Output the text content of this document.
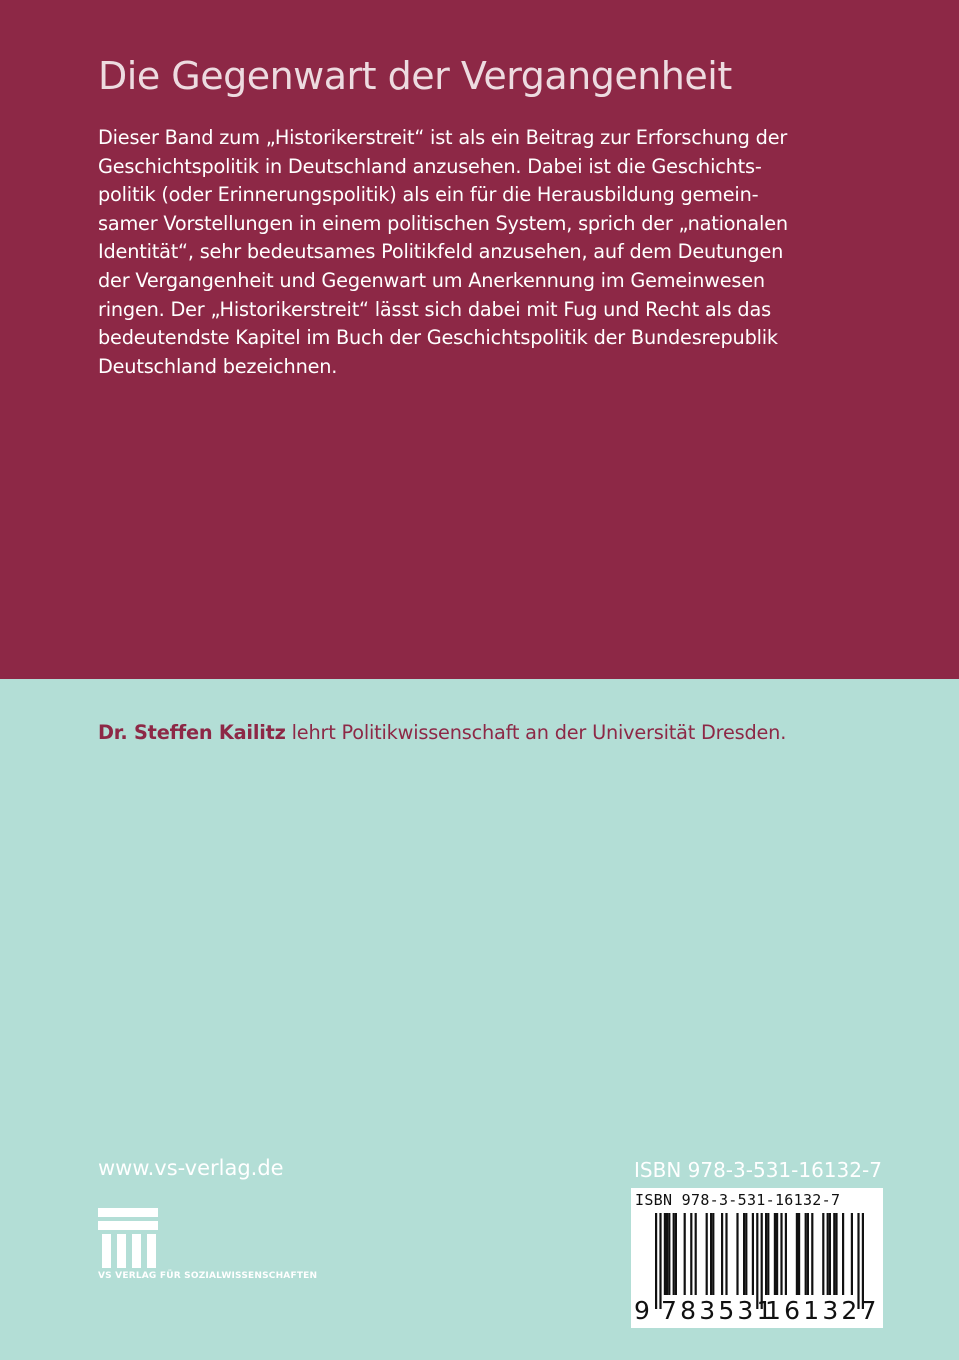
Die Gegenwart der Vergangenheit
Dieser Band zum „Historikerstreit“ ist als ein Beitrag zur Erforschung der
Geschichtspolitik in Deutschland anzusehen. Dabei ist die Geschichts-
politik (oder Erinnerungspolitik) als ein für die Herausbildung gemein-
samer Vorstellungen in einem politischen System, sprich der „nationalen
Identität“, sehr bedeutsames Politikfeld anzusehen, auf dem Deutungen
der Vergangenheit und Gegenwart um Anerkennung im Gemeinwesen
ringen. Der „Historikerstreit“ lässt sich dabei mit Fug und Recht als das
bedeutendste Kapitel im Buch der Geschichtspolitik der Bundesrepublik
Deutschland bezeichnen.
Dr. Steffen Kailitz lehrt Politikwissenschaft an der Universität Dresden.
www.vs-verlag.de
VS VERLAG FÜR SOZIALWISSENSCHAFTEN
ISBN 978-3-531-16132-7
ISBN 978-3-531-16132-7
9 783531
161327
